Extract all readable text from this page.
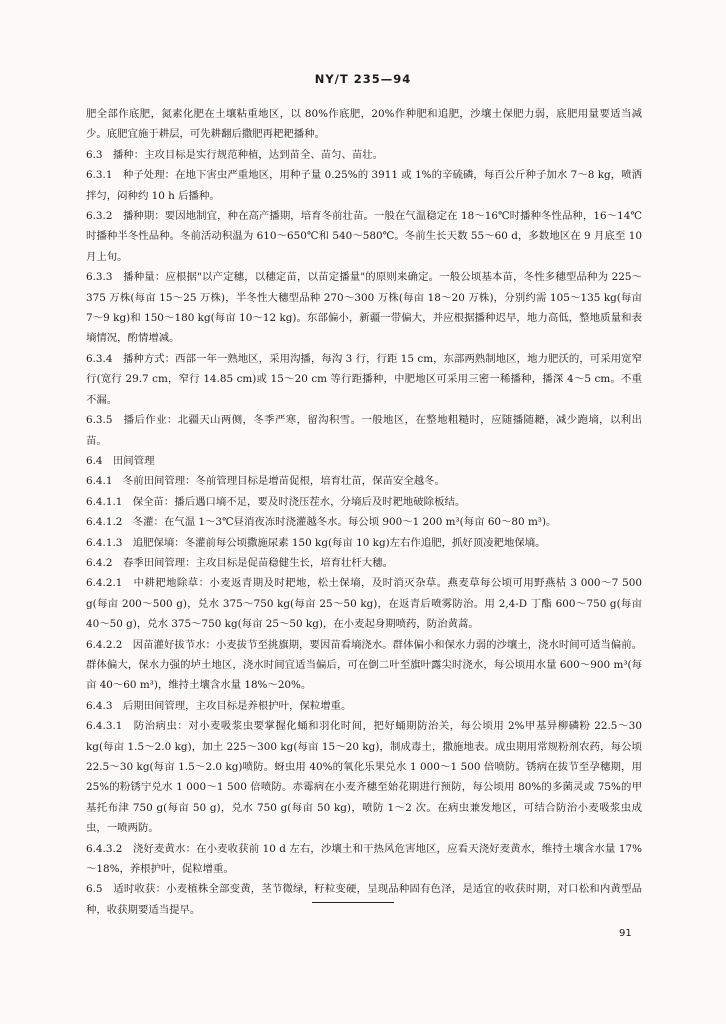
NY/T 235—94

肥全部作底肥，氮素化肥在土壤粘重地区，以 80%作底肥，20%作种肥和追肥，沙壤土保肥力弱，底肥用量要适当减少。底肥宜施于耕层，可先耕翻后撒肥再耙耙播种。

6.3　播种：主攻目标是实行规范种植，达到苗全、苗匀、苗壮。

6.3.1　种子处理：在地下害虫严重地区，用种子量 0.25%的 3911 或 1%的辛硫磷，每百公斤种子加水 7～8 kg，喷洒拌匀，闷种约 10 h 后播种。

6.3.2　播种期：要因地制宜，种在高产播期，培育冬前壮苗。一般在气温稳定在 18～16℃时播种冬性品种，16～14℃时播种半冬性品种。冬前活动积温为 610～650℃和 540～580℃。冬前生长天数 55～60 d，多数地区在 9 月底至 10 月上旬。

6.3.3　播种量：应根据"以产定穗，以穗定苗，以苗定播量"的原则来确定。一般公顷基本苗，冬性多穗型品种为 225～375 万株(每亩 15～25 万株)，半冬性大穗型品种 270～300 万株(每亩 18～20 万株)，分别约需 105～135 kg(每亩 7～9 kg)和 150～180 kg(每亩 10～12 kg)。东部偏小，新疆一带偏大，并应根据播种迟早，地力高低，整地质量和表墒情况，酌情增减。

6.3.4　播种方式：西部一年一熟地区，采用沟播，每沟 3 行，行距 15 cm，东部两熟制地区，地力肥沃的，可采用宽窄行(宽行 29.7 cm，窄行 14.85 cm)或 15～20 cm 等行距播种，中肥地区可采用三密一稀播种，播深 4～5 cm。不重不漏。

6.3.5　播后作业：北疆天山两侧，冬季严寒，留沟积雪。一般地区，在整地粗糙时，应随播随耱，减少跑墒，以利出苗。

6.4　田间管理

6.4.1　冬前田间管理：冬前管理目标是增苗促根，培育壮苗，保苗安全越冬。

6.4.1.1　保全苗：播后遇口墒不足，要及时浇压茬水，分墒后及时耙地破除板结。

6.4.1.2　冬灌：在气温 1～3℃昼消夜冻时浇灌越冬水。每公顷 900～1 200 m³(每亩 60～80 m³)。

6.4.1.3　追肥保墒：冬灌前每公顷撒施尿素 150 kg(每亩 10 kg)左右作追肥，抓好顶凌耙地保墒。

6.4.2　春季田间管理：主攻目标是促苗稳健生长，培育壮杆大穗。

6.4.2.1　中耕耙地除草：小麦返青期及时耙地，松土保墒，及时消灭杂草。燕麦草每公顷可用野燕枯 3 000～7 500 g(每亩 200～500 g)，兑水 375～750 kg(每亩 25～50 kg)，在返青后喷雾防治。用 2,4-D 丁酯 600～750 g(每亩 40～50 g)，兑水 375～750 kg(每亩 25～50 kg)，在小麦起身期喷药，防治黄蒿。

6.4.2.2　因苗灌好拔节水：小麦拔节至挑旗期，要因苗看墒浇水。群体偏小和保水力弱的沙壤土，浇水时间可适当偏前。群体偏大，保水力强的垆土地区，浇水时间宜适当偏后，可在倒二叶至旗叶露尖时浇水，每公顷用水量 600～900 m³(每亩 40～60 m³)，维持土壤含水量 18%～20%。

6.4.3　后期田间管理，主攻目标是养根护叶，保粒增重。

6.4.3.1　防治病虫：对小麦吸浆虫要掌握化蛹和羽化时间，把好蛹期防治关，每公顷用 2%甲基异柳磷粉 22.5～30 kg(每亩 1.5～2.0 kg)，加土 225～300 kg(每亩 15～20 kg)，制成毒土，撒施地表。成虫期用常规粉剂农药，每公顷 22.5～30 kg(每亩 1.5～2.0 kg)喷防。蚜虫用 40%的氧化乐果兑水 1 000～1 500 倍喷防。锈病在拔节至孕穗期，用 25%的粉锈宁兑水 1 000～1 500 倍喷防。赤霉病在小麦齐穗至始花期进行预防，每公顷用 80%的多菌灵或 75%的甲基托布津 750 g(每亩 50 g)，兑水 750 g(每亩 50 kg)，喷防 1～2 次。在病虫兼发地区，可结合防治小麦吸浆虫成虫，一喷两防。

6.4.3.2　浇好麦黄水：在小麦收获前 10 d 左右，沙壤土和干热风危害地区，应看天浇好麦黄水，维持土壤含水量 17%～18%，养根护叶，促粒增重。

6.5　适时收获：小麦植株全部变黄，茎节微绿，籽粒变硬，呈现品种固有色泽，是适宜的收获时期，对口松和内黄型品种，收获期要适当提早。

91
